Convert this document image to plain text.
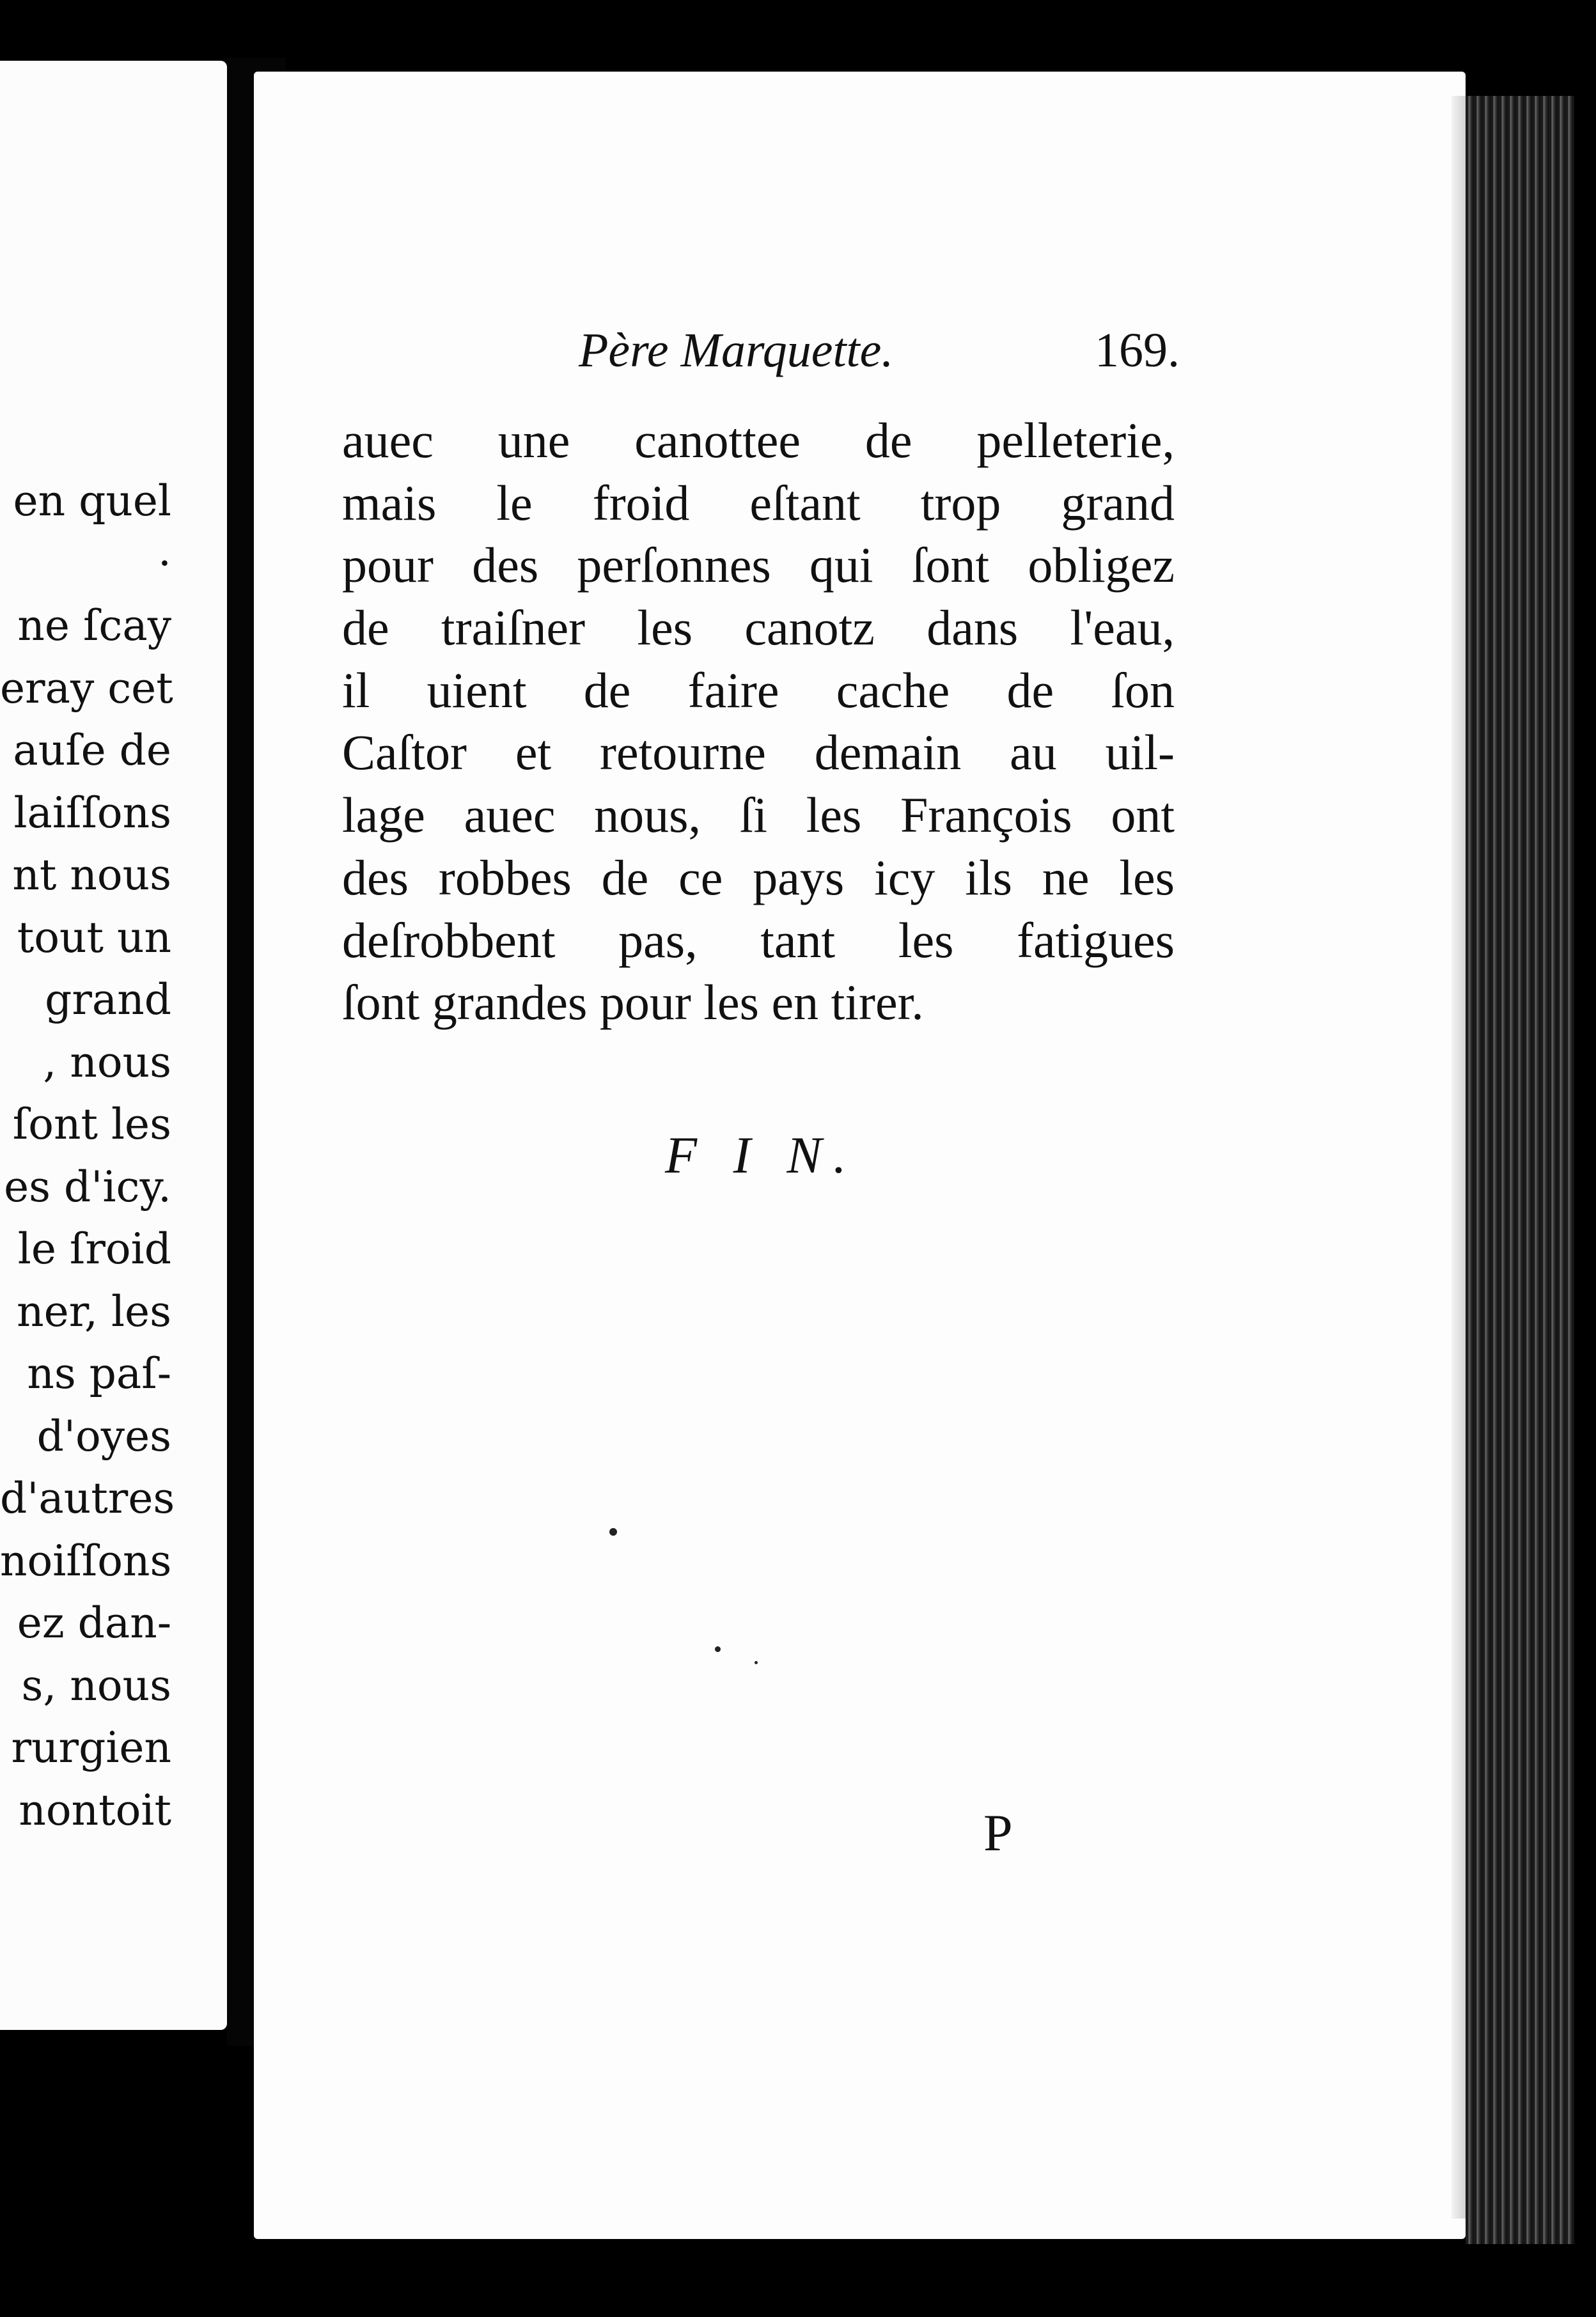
en quel
·
ne ſcay
eray cet
auſe de
laiſſons
nt nous
tout un
grand
, nous
ſont les
es d'icy.
le ſroid
ner, les
ns paſ-
d'oyes
d'autres
noiſſons
ez dan-
s, nous
rurgien
nontoit
Père Marquette.	169.
auec une canottee de pelleterie,
mais le froid eſtant trop grand
pour des perſonnes qui ſont obligez
de traiſner les canotz dans l'eau,
il uient de faire cache de ſon
Caſtor et retourne demain au uil-
lage auec nous, ſi les François ont
des robbes de ce pays icy ils ne les
deſrobbent pas, tant les fatigues
ſont grandes pour les en tirer.
F I N.
P
